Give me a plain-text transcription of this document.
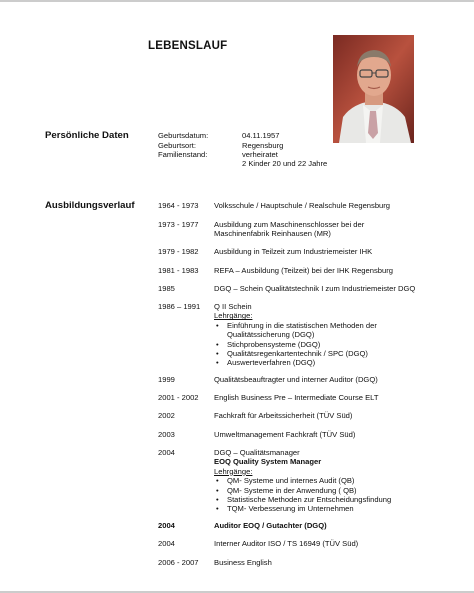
LEBENSLAUF
Persönliche Daten	Geburtsdatum:	04.11.1957
Geburtsort:	Regensburg
Familienstand:	verheiratet
2 Kinder 20 und 22 Jahre
Ausbildungsverlauf	1964 - 1973	Volksschule / Hauptschule / Realschule Regensburg
1973 - 1977	Ausbildung zum Maschinenschlosser bei der
Maschinenfabrik Reinhausen (MR)
1979 - 1982	Ausbildung in Teilzeit zum Industriemeister IHK
1981 - 1983	REFA – Ausbildung (Teilzeit) bei der IHK Regensburg
1985	DGQ – Schein Qualitätstechnik I zum Industriemeister DGQ
1986 – 1991	Q II Schein
Lehrgänge:
• Einführung in die statistischen Methoden der
Qualitätssicherung (DGQ)
• Stichprobensysteme (DGQ)
• Qualitätsregenkartentechnik / SPC (DGQ)
• Auswerteverfahren (DGQ)
1999	Qualitätsbeauftragter und interner Auditor (DGQ)
2001 - 2002	English Business Pre – Intermediate Course ELT
2002	Fachkraft für Arbeitssicherheit (TÜV Süd)
2003	Umweltmanagement Fachkraft (TÜV Süd)
2004	DGQ – Qualitätsmanager
EOQ Quality System Manager
Lehrgänge:
• QM- Systeme und internes Audit (QB)
• QM- Systeme in der Anwendung ( QB)
• Statistische Methoden zur Entscheidungsfindung
• TQM- Verbesserung im Unternehmen
2004	Auditor EOQ / Gutachter (DGQ)
2004	Interner Auditor ISO / TS 16949 (TÜV Süd)
2006 - 2007	Business English
